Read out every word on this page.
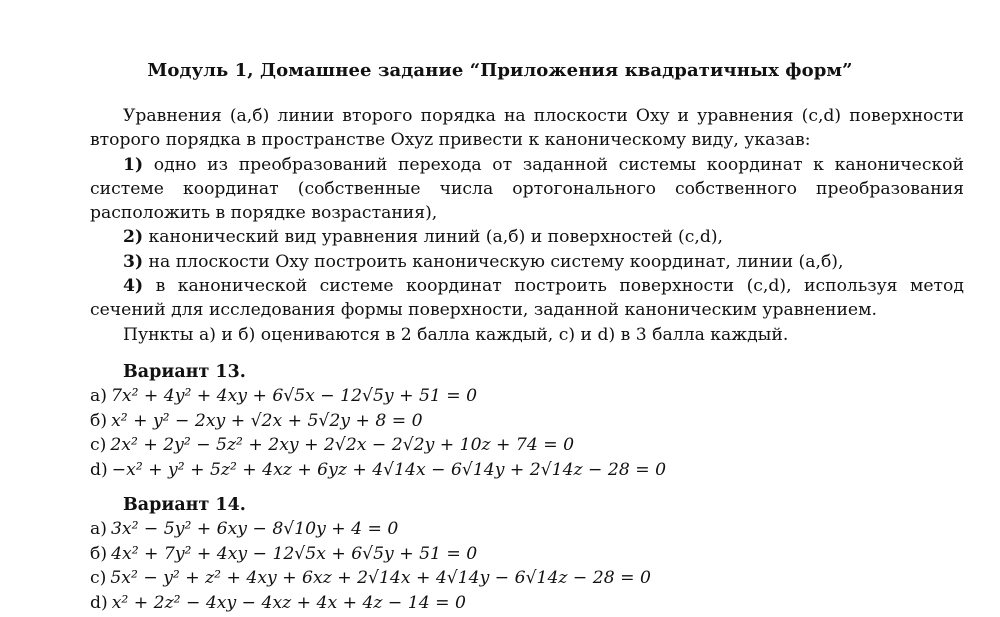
Модуль 1, Домашнее задание “Приложения квадратичных форм”

Уравнения (а,б) линии второго порядка на плоскости Oxy и уравнения (c,d) поверхности второго порядка в пространстве Oxyz привести к каноническому виду, указав:

1) одно из преобразований перехода от заданной системы координат к канонической системе координат (собственные числа ортогонального собственного преобразования расположить в порядке возрастания),

2) канонический вид уравнения линий (а,б) и поверхностей (c,d),

3) на плоскости Oxy построить каноническую систему координат, линии (а,б),

4) в канонической системе координат построить поверхности (c,d), используя метод сечений для исследования формы поверхности, заданной каноническим уравнением.

Пункты а) и б) оцениваются в 2 балла каждый, c) и d) в 3 балла каждый.

Вариант 13.
а) 7x² + 4y² + 4xy + 6√5x − 12√5y + 51 = 0
б) x² + y² − 2xy + √2x + 5√2y + 8 = 0
c) 2x² + 2y² − 5z² + 2xy + 2√2x − 2√2y + 10z + 74 = 0
d) −x² + y² + 5z² + 4xz + 6yz + 4√14x − 6√14y + 2√14z − 28 = 0
Вариант 14.
а) 3x² − 5y² + 6xy − 8√10y + 4 = 0
б) 4x² + 7y² + 4xy − 12√5x + 6√5y + 51 = 0
c) 5x² − y² + z² + 4xy + 6xz + 2√14x + 4√14y − 6√14z − 28 = 0
d) x² + 2z² − 4xy − 4xz + 4x + 4z − 14 = 0
